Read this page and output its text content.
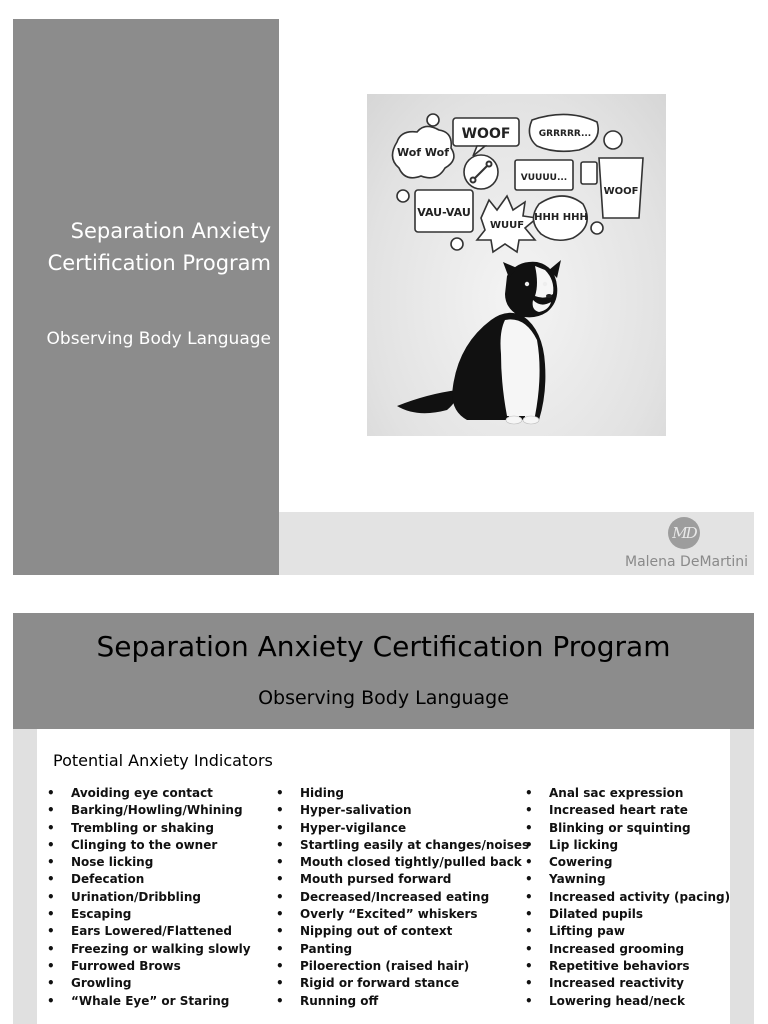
Separation Anxiety Certification Program
Observing Body Language
WOOF	GRRRRR...
Wof Wof
VUUUU...
WOOF
VAU-VAU
WUUF
HHH HHH
MD
Malena DeMartini
Separation Anxiety Certification Program
Observing Body Language
Potential Anxiety Indicators
• Avoiding eye contact
• Barking/Howling/Whining
• Trembling or shaking
• Clinging to the owner
• Nose licking
• Defecation
• Urination/Dribbling
• Escaping
• Ears Lowered/Flattened
• Freezing or walking slowly
• Furrowed Brows
• Growling
• “Whale Eye” or Staring
• Hiding
• Hyper-salivation
• Hyper-vigilance
• Startling easily at changes/noises
• Mouth closed tightly/pulled back
• Mouth pursed forward
• Decreased/Increased eating
• Overly “Excited” whiskers
• Nipping out of context
• Panting
• Piloerection (raised hair)
• Rigid or forward stance
• Running off
• Anal sac expression
• Increased heart rate
• Blinking or squinting
• Lip licking
• Cowering
• Yawning
• Increased activity (pacing)
• Dilated pupils
• Lifting paw
• Increased grooming
• Repetitive behaviors
• Increased reactivity
• Lowering head/neck
